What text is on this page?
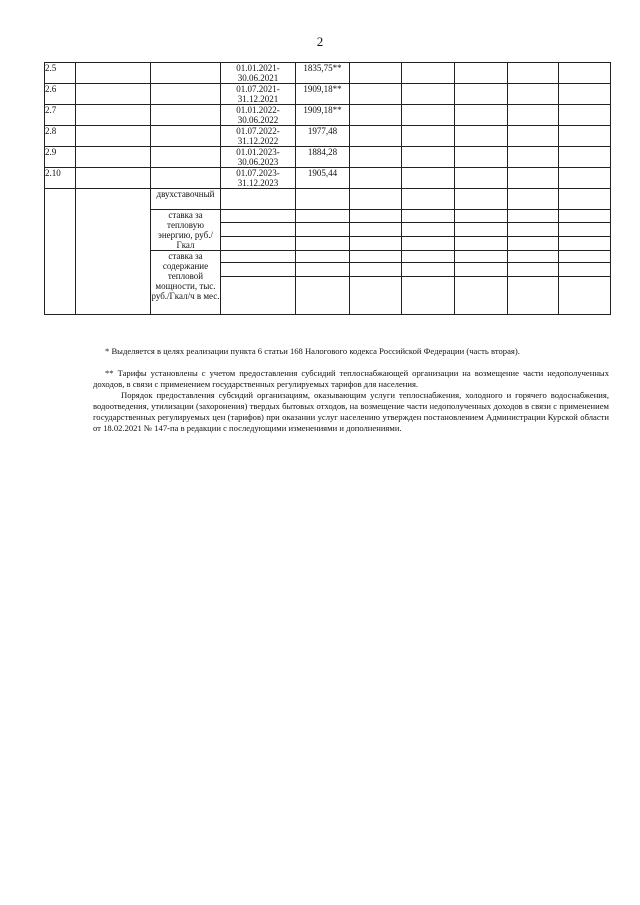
2
2.5			01.01.2021-30.06.2021	1835,75**					
2.6			01.07.2021-31.12.2021	1909,18**					
2.7			01.01.2022-30.06.2022	1909,18**					
2.8			01.07.2022-31.12.2022	1977,48					
2.9			01.01.2023-30.06.2023	1884,28					
2.10			01.07.2023-31.12.2023	1905,44					
		двухставочный							
		ставка за тепловую энергию, руб./Гкал							

		ставка за содержание тепловой мощности, тыс. руб./Гкал/ч в мес.							

* Выделяется в целях реализации пункта 6 статьи 168 Налогового кодекса Российской Федерации (часть вторая).
** Тарифы установлены с учетом предоставления субсидий теплоснабжающей организации на возмещение части недополученных доходов, в связи с применением государственных регулируемых тарифов для населения.
Порядок предоставления субсидий организациям, оказывающим услуги теплоснабжения, холодного и горячего водоснабжения, водоотведения, утилизации (захоронения) твердых бытовых отходов, на возмещение части недополученных доходов в связи с применением государственных регулируемых цен (тарифов) при оказании услуг населению утвержден постановлением Администрации Курской области от 18.02.2021 № 147-па в редакции с последующими изменениями и дополнениями.
